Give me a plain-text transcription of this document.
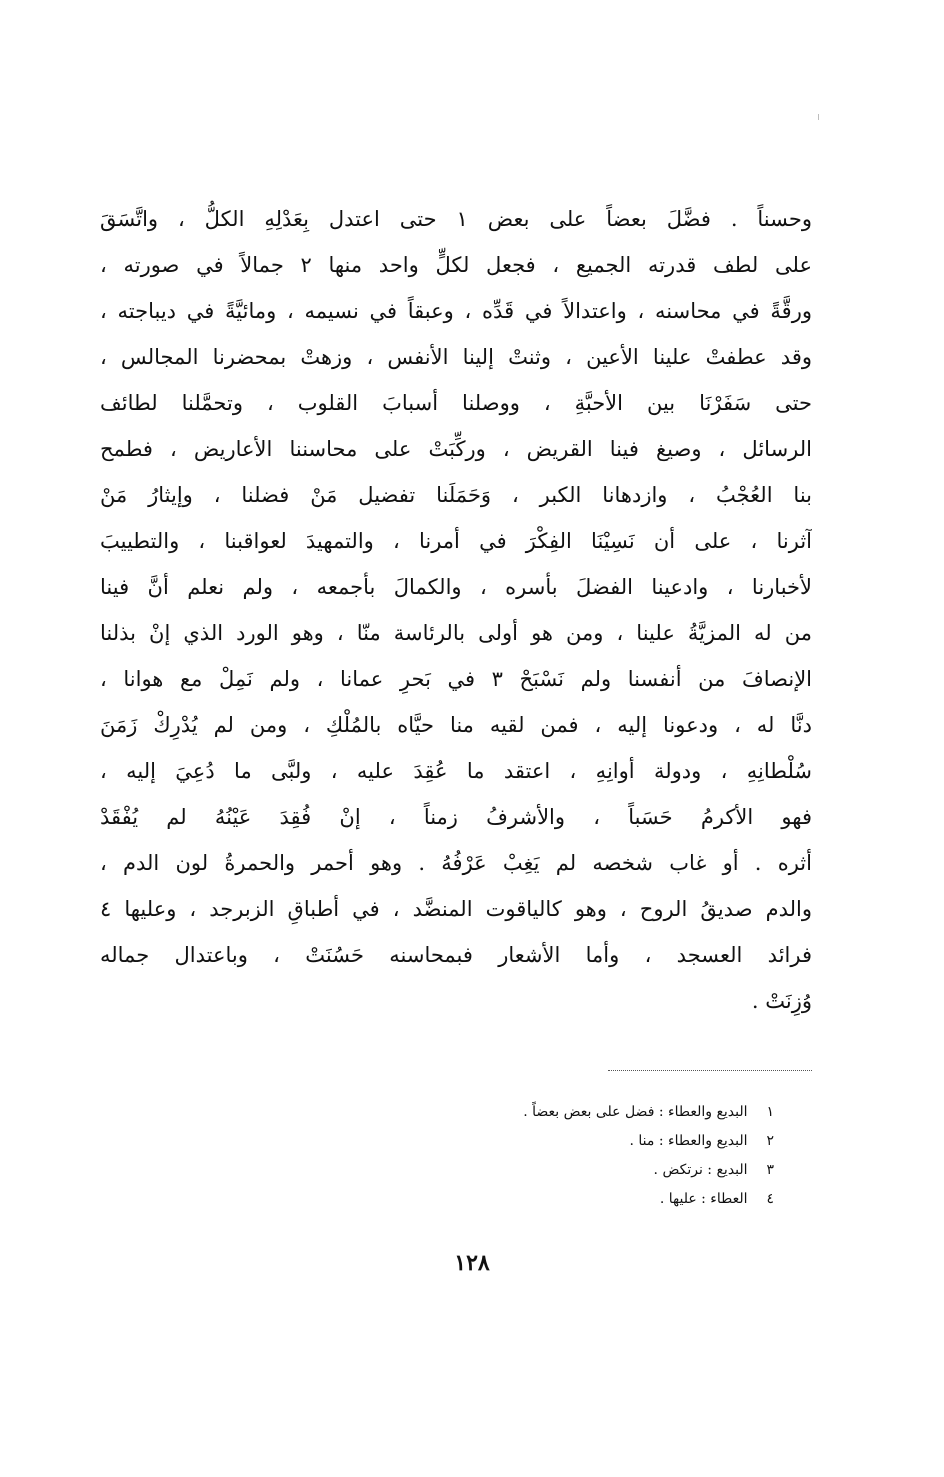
وحسناً . فضَّلَ بعضاً على بعض ١ حتى اعتدل بِعَدْلِهِ الكلُّ ، واتَّسَقَ
على لطف قدرته الجميع ، فجعل لكلٍّ واحد منها ٢ جمالاً في صورته ،
ورقَّةً في محاسنه ، واعتدالاً في قَدِّه ، وعبقاً في نسيمه ، ومائيَّةً في ديباجته ،
وقد عطفتْ علينا الأعين ، وثنتْ إلينا الأنفس ، وزهتْ بمحضرنا المجالس ،
حتى سَفَرْنَا بين الأحبَّةِ ، ووصلنا أسبابَ القلوب ، وتحمَّلنا لطائف
الرسائل ، وصيغ فينا القريض ، وركِّبَتْ على محاسننا الأعاريض ، فطمح
بنا العُجْبُ ، وازدهانا الكبر ، وَحَمَلَنا تفضيل مَنْ فضلنا ، وإيثارُ مَنْ
آثرنا ، على أن نَسِيْنَا الفِكْرَ في أمرنا ، والتمهيدَ لعواقبنا ، والتطييبَ
لأخبارنا ، وادعينا الفضلَ بأسره ، والكمالَ بأجمعه ، ولم نعلم أنَّ فينا
من له المزيَّةُ علينا ، ومن هو أولى بالرئاسة منّا ، وهو الورد الذي إنْ بذلنا
الإنصافَ من أنفسنا ولم نَسْبَحْ ٣ في بَحرِ عمانا ، ولم نَمِلْ مع هوانا ،
دنَّا له ، ودعونا إليه ، فمن لقيه منا حيَّاه بالمُلْكِ ، ومن لم يُدْرِكْ زَمَنَ
سُلْطانِهِ ، ودولة أوانِهِ ، اعتقد ما عُقِدَ عليه ، ولبَّى ما دُعِيَ إليه ،
فهو الأكرمُ حَسَباً ، والأشرفُ زمناً ، إنْ فُقِدَ عَيْنُهُ لم يُفْقَدْ
أثره . أو غاب شخصه لم يَغِبْ عَرْفُهُ . وهو أحمر والحمرةُ لون الدم ،
والدم صديقُ الروح ، وهو كالياقوت المنضَّد ، في أطباقِ الزبرجد ، وعليها ٤
فرائد العسجد ، وأما الأشعار فبمحاسنه حَسُنَتْ ، وباعتدال جماله
وُزِنَتْ .
١ البديع والعطاء : فضل على بعض بعضاً .
٢ البديع والعطاء : منا .
٣ البديع : نرتكض .
٤ العطاء : عليها .
١٢٨
